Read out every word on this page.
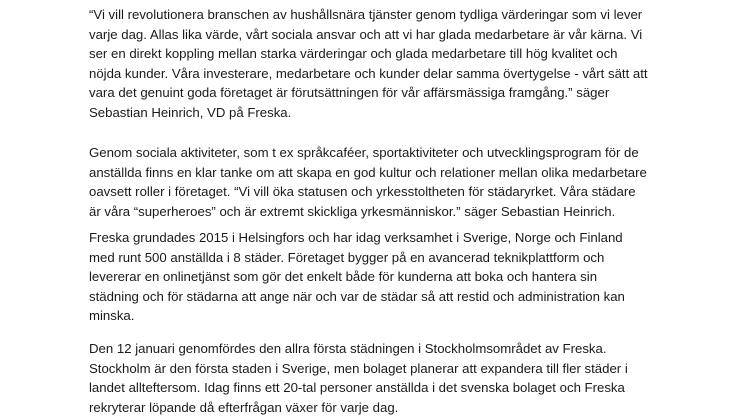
“Vi vill revolutionera branschen av hushållsnära tjänster genom tydliga värderingar som vi lever
varje dag. Allas lika värde, vårt sociala ansvar och att vi har glada medarbetare är vår kärna. Vi
ser en direkt koppling mellan starka värderingar och glada medarbetare till hög kvalitet och
nöjda kunder. Våra investerare, medarbetare och kunder delar samma övertygelse - vårt sätt att
vara det genuint goda företaget är förutsättningen för vår affärsmässiga framgång.” säger
Sebastian Heinrich, VD på Freska.

Genom sociala aktiviteter, som t ex språkcaféer, sportaktiviteter och utvecklingsprogram för de
anställda finns en klar tanke om att skapa en god kultur och relationer mellan olika medarbetare
oavsett roller i företaget. “Vi vill öka statusen och yrkesstoltheten för städaryrket. Våra städare
är våra “superheroes” och är extremt skickliga yrkesmänniskor.” säger Sebastian Heinrich.

Freska grundades 2015 i Helsingfors och har idag verksamhet i Sverige, Norge och Finland
med runt 500 anställda i 8 städer. Företaget bygger på en avancerad teknikplattform och
levererar en onlinetjänst som gör det enkelt både för kunderna att boka och hantera sin
städning och för städarna att ange när och var de städar så att restid och administration kan
minska.

Den 12 januari genomfördes den allra första städningen i Stockholmsområdet av Freska.
Stockholm är den första staden i Sverige, men bolaget planerar att expandera till fler städer i
landet allteftersom. Idag finns ett 20-tal personer anställda i det svenska bolaget och Freska
rekryterar löpande då efterfrågan växer för varje dag.
